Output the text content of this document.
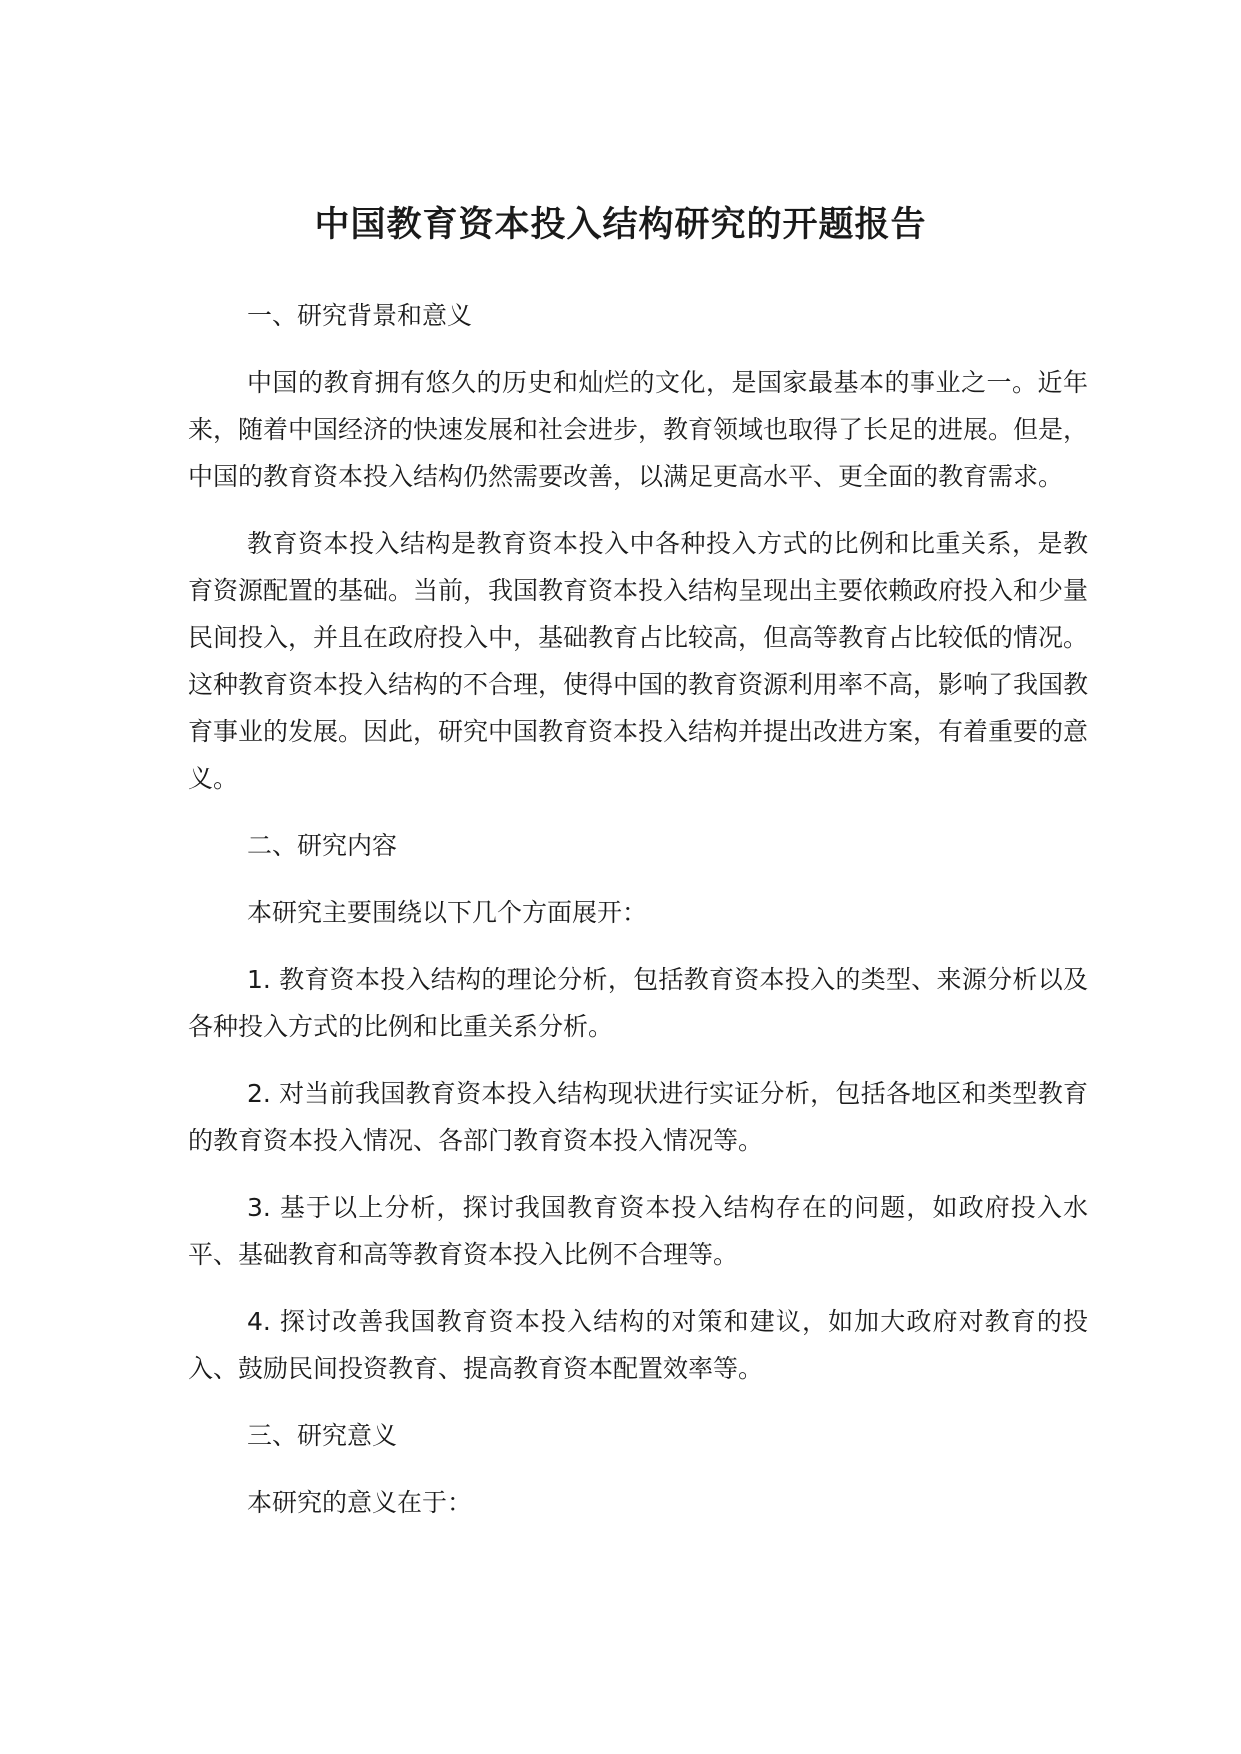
中国教育资本投入结构研究的开题报告

一、研究背景和意义

中国的教育拥有悠久的历史和灿烂的文化，是国家最基本的事业之一。近年来，随着中国经济的快速发展和社会进步，教育领域也取得了长足的进展。但是，中国的教育资本投入结构仍然需要改善，以满足更高水平、更全面的教育需求。

教育资本投入结构是教育资本投入中各种投入方式的比例和比重关系，是教育资源配置的基础。当前，我国教育资本投入结构呈现出主要依赖政府投入和少量民间投入，并且在政府投入中，基础教育占比较高，但高等教育占比较低的情况。这种教育资本投入结构的不合理，使得中国的教育资源利用率不高，影响了我国教育事业的发展。因此，研究中国教育资本投入结构并提出改进方案，有着重要的意义。

二、研究内容

本研究主要围绕以下几个方面展开：

1. 教育资本投入结构的理论分析，包括教育资本投入的类型、来源分析以及各种投入方式的比例和比重关系分析。

2. 对当前我国教育资本投入结构现状进行实证分析，包括各地区和类型教育的教育资本投入情况、各部门教育资本投入情况等。

3. 基于以上分析，探讨我国教育资本投入结构存在的问题，如政府投入水平、基础教育和高等教育资本投入比例不合理等。

4. 探讨改善我国教育资本投入结构的对策和建议，如加大政府对教育的投入、鼓励民间投资教育、提高教育资本配置效率等。

三、研究意义

本研究的意义在于：
